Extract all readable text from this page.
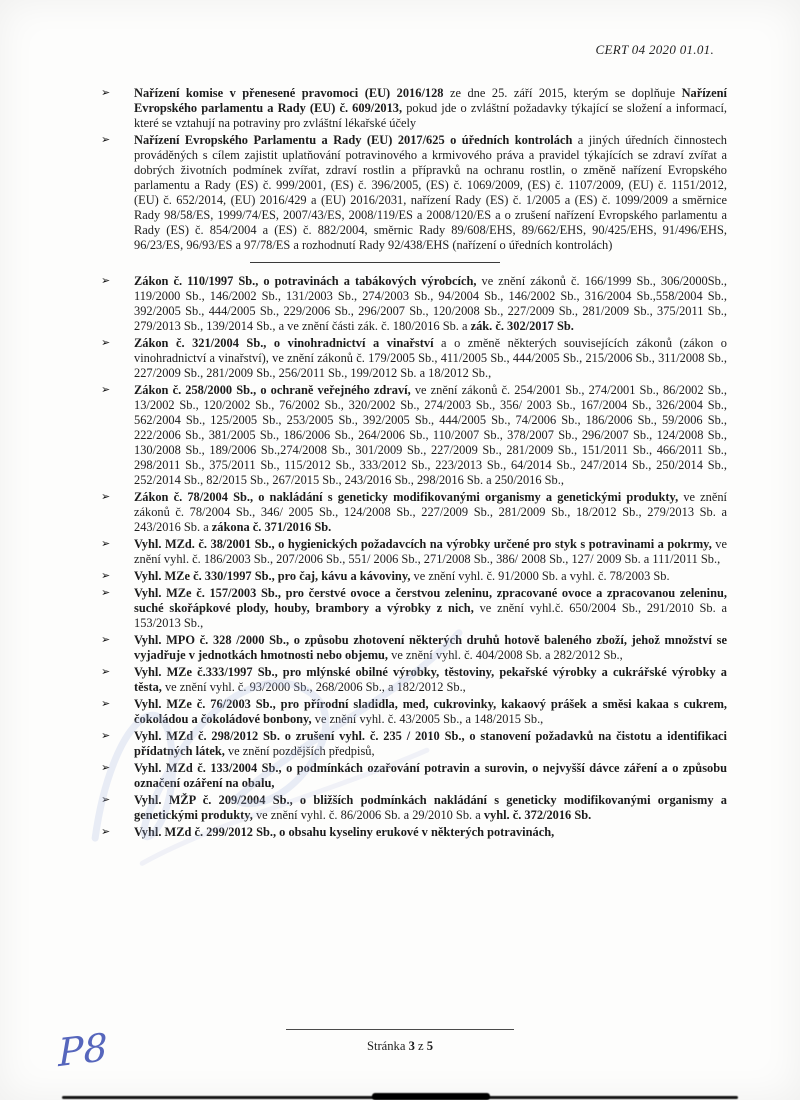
CERT 04 2020 01.01.
➢ Nařízení komise v přenesené pravomoci (EU) 2016/128 ze dne 25. září 2015, kterým se doplňuje Nařízení Evropského parlamentu a Rady (EU) č. 609/2013, pokud jde o zvláštní požadavky týkající se složení a informací, které se vztahují na potraviny pro zvláštní lékařské účely
➢ Nařízení Evropského Parlamentu a Rady (EU) 2017/625 o úředních kontrolách a jiných úředních činnostech prováděných s cílem zajistit uplatňování potravinového a krmivového práva a pravidel týkajících se zdraví zvířat a dobrých životních podmínek zvířat, zdraví rostlin a přípravků na ochranu rostlin, o změně nařízení Evropského parlamentu a Rady (ES) č. 999/2001, (ES) č. 396/2005, (ES) č. 1069/2009, (ES) č. 1107/2009, (EU) č. 1151/2012, (EU) č. 652/2014, (EU) 2016/429 a (EU) 2016/2031, nařízení Rady (ES) č. 1/2005 a (ES) č. 1099/2009 a směrnice Rady 98/58/ES, 1999/74/ES, 2007/43/ES, 2008/119/ES a 2008/120/ES a o zrušení nařízení Evropského parlamentu a Rady (ES) č. 854/2004 a (ES) č. 882/2004, směrnic Rady 89/608/EHS, 89/662/EHS, 90/425/EHS, 91/496/EHS, 96/23/ES, 96/93/ES a 97/78/ES a rozhodnutí Rady 92/438/EHS (nařízení o úředních kontrolách)
➢ Zákon č. 110/1997 Sb., o potravinách a tabákových výrobcích, ve znění zákonů č. 166/1999 Sb., 306/2000Sb., 119/2000 Sb., 146/2002 Sb., 131/2003 Sb., 274/2003 Sb., 94/2004 Sb., 146/2002 Sb., 316/2004 Sb.,558/2004 Sb., 392/2005 Sb., 444/2005 Sb., 229/2006 Sb., 296/2007 Sb., 120/2008 Sb., 227/2009 Sb., 281/2009 Sb., 375/2011 Sb., 279/2013 Sb., 139/2014 Sb., a ve znění části zák. č. 180/2016 Sb. a zák. č. 302/2017 Sb.
➢ Zákon č. 321/2004 Sb., o vinohradnictví a vinařství a o změně některých souvisejících zákonů (zákon o vinohradnictví a vinařství), ve znění zákonů č. 179/2005 Sb., 411/2005 Sb., 444/2005 Sb., 215/2006 Sb., 311/2008 Sb., 227/2009 Sb., 281/2009 Sb., 256/2011 Sb., 199/2012 Sb. a 18/2012 Sb.,
➢ Zákon č. 258/2000 Sb., o ochraně veřejného zdraví, ve znění zákonů č. 254/2001 Sb., 274/2001 Sb., 86/2002 Sb., 13/2002 Sb., 120/2002 Sb., 76/2002 Sb., 320/2002 Sb., 274/2003 Sb., 356/ 2003 Sb., 167/2004 Sb., 326/2004 Sb., 562/2004 Sb., 125/2005 Sb., 253/2005 Sb., 392/2005 Sb., 444/2005 Sb., 74/2006 Sb., 186/2006 Sb., 59/2006 Sb., 222/2006 Sb., 381/2005 Sb., 186/2006 Sb., 264/2006 Sb., 110/2007 Sb., 378/2007 Sb., 296/2007 Sb., 124/2008 Sb., 130/2008 Sb., 189/2006 Sb.,274/2008 Sb., 301/2009 Sb., 227/2009 Sb., 281/2009 Sb., 151/2011 Sb., 466/2011 Sb., 298/2011 Sb., 375/2011 Sb., 115/2012 Sb., 333/2012 Sb., 223/2013 Sb., 64/2014 Sb., 247/2014 Sb., 250/2014 Sb., 252/2014 Sb., 82/2015 Sb., 267/2015 Sb., 243/2016 Sb., 298/2016 Sb. a 250/2016 Sb.,
➢ Zákon č. 78/2004 Sb., o nakládání s geneticky modifikovanými organismy a genetickými produkty, ve znění zákonů č. 78/2004 Sb., 346/ 2005 Sb., 124/2008 Sb., 227/2009 Sb., 281/2009 Sb., 18/2012 Sb., 279/2013 Sb. a 243/2016 Sb. a zákona č. 371/2016 Sb.
➢ Vyhl. MZd. č. 38/2001 Sb., o hygienických požadavcích na výrobky určené pro styk s potravinami a pokrmy, ve znění vyhl. č. 186/2003 Sb., 207/2006 Sb., 551/ 2006 Sb., 271/2008 Sb., 386/ 2008 Sb., 127/ 2009 Sb. a 111/2011 Sb.,
➢ Vyhl. MZe č. 330/1997 Sb., pro čaj, kávu a kávoviny, ve znění vyhl. č. 91/2000 Sb. a vyhl. č. 78/2003 Sb.
➢ Vyhl. MZe č. 157/2003 Sb., pro čerstvé ovoce a čerstvou zeleninu, zpracované ovoce a zpracovanou zeleninu, suché skořápkové plody, houby, brambory a výrobky z nich, ve znění vyhl.č. 650/2004 Sb., 291/2010 Sb. a 153/2013 Sb.,
➢ Vyhl. MPO č. 328 /2000 Sb., o způsobu zhotovení některých druhů hotově baleného zboží, jehož množství se vyjadřuje v jednotkách hmotnosti nebo objemu, ve znění vyhl. č. 404/2008 Sb. a 282/2012 Sb.,
➢ Vyhl. MZe č.333/1997 Sb., pro mlýnské obilné výrobky, těstoviny, pekařské výrobky a cukrářské výrobky a těsta, ve znění vyhl. č. 93/2000 Sb., 268/2006 Sb., a 182/2012 Sb.,
➢ Vyhl. MZe č. 76/2003 Sb., pro přírodní sladidla, med, cukrovinky, kakaový prášek a směsi kakaa s cukrem, čokoládou a čokoládové bonbony, ve znění vyhl. č. 43/2005 Sb., a 148/2015 Sb.,
➢ Vyhl. MZd č. 298/2012 Sb. o zrušení vyhl. č. 235 / 2010 Sb., o stanovení požadavků na čistotu a identifikaci přídatných látek, ve znění pozdějších předpisů,
➢ Vyhl. MZd č. 133/2004 Sb., o podmínkách ozařování potravin a surovin, o nejvyšší dávce záření a o způsobu označení ozáření na obalu,
➢ Vyhl. MŽP č. 209/2004 Sb., o bližších podmínkách nakládání s geneticky modifikovanými organismy a genetickými produkty, ve znění vyhl. č. 86/2006 Sb. a 29/2010 Sb. a vyhl. č. 372/2016 Sb.
➢ Vyhl. MZd č. 299/2012 Sb., o obsahu kyseliny erukové v některých potravinách,
Stránka 3 z 5
P8
